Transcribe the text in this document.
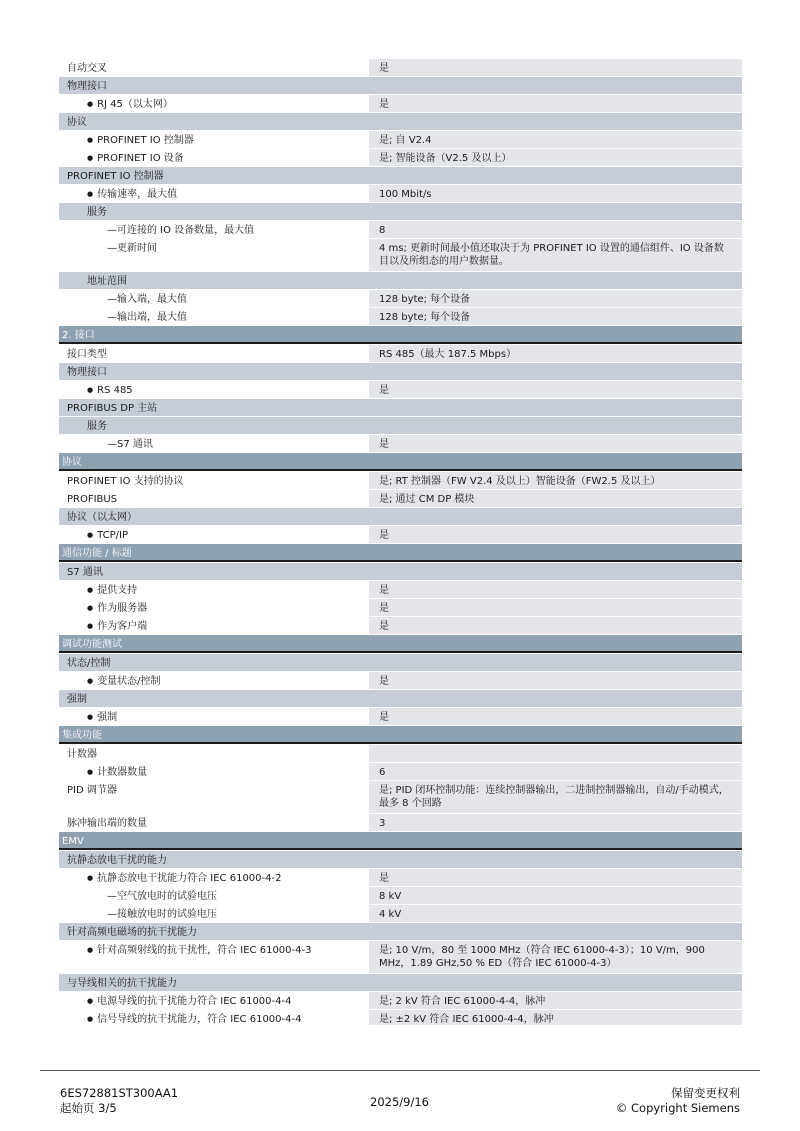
自动交叉	是
物理接口
● RJ 45（以太网）	是
协议
● PROFINET IO 控制器	是; 自 V2.4
● PROFINET IO 设备	是; 智能设备（V2.5 及以上）
PROFINET IO 控制器
● 传输速率，最大值	100 Mbit/s
服务
— 可连接的 IO 设备数量，最大值	8
— 更新时间	4 ms; 更新时间最小值还取决于为 PROFINET IO 设置的通信组件、IO 设备数目以及所组态的用户数据量。
地址范围
— 输入端，最大值	128 byte; 每个设备
— 输出端，最大值	128 byte; 每个设备
2. 接口
接口类型	RS 485（最大 187.5 Mbps）
物理接口
● RS 485	是
PROFIBUS DP 主站
服务
— S7 通讯	是
协议
PROFINET IO 支持的协议	是; RT 控制器（FW V2.4 及以上）智能设备（FW2.5 及以上）
PROFIBUS	是; 通过 CM DP 模块
协议（以太网）
● TCP/IP	是
通信功能 / 标题
S7 通讯
● 提供支持	是
● 作为服务器	是
● 作为客户端	是
调试功能测试
状态/控制
● 变量状态/控制	是
强制
● 强制	是
集成功能
计数器
● 计数器数量	6
PID 调节器	是; PID 闭环控制功能：连续控制器输出，二进制控制器输出，自动/手动模式，最多 8 个回路
脉冲输出端的数量	3
EMV
抗静态放电干扰的能力
● 抗静态放电干扰能力符合 IEC 61000-4-2	是
— 空气放电时的试验电压	8 kV
— 接触放电时的试验电压	4 kV
针对高频电磁场的抗干扰能力
● 针对高频射线的抗干扰性，符合 IEC 61000-4-3	是; 10 V/m，80 至 1000 MHz（符合 IEC 61000-4-3）；10 V/m，900 MHz，1.89 GHz,50 % ED（符合 IEC 61000-4-3）
与导线相关的抗干扰能力
● 电源导线的抗干扰能力符合 IEC 61000-4-4	是; 2 kV 符合 IEC 61000-4-4，脉冲
● 信号导线的抗干扰能力，符合 IEC 61000-4-4	是; ±2 kV 符合 IEC 61000-4-4，脉冲
6ES72881ST300AA1
起始页 3/5	2025/9/16
保留变更权利
© Copyright Siemens
